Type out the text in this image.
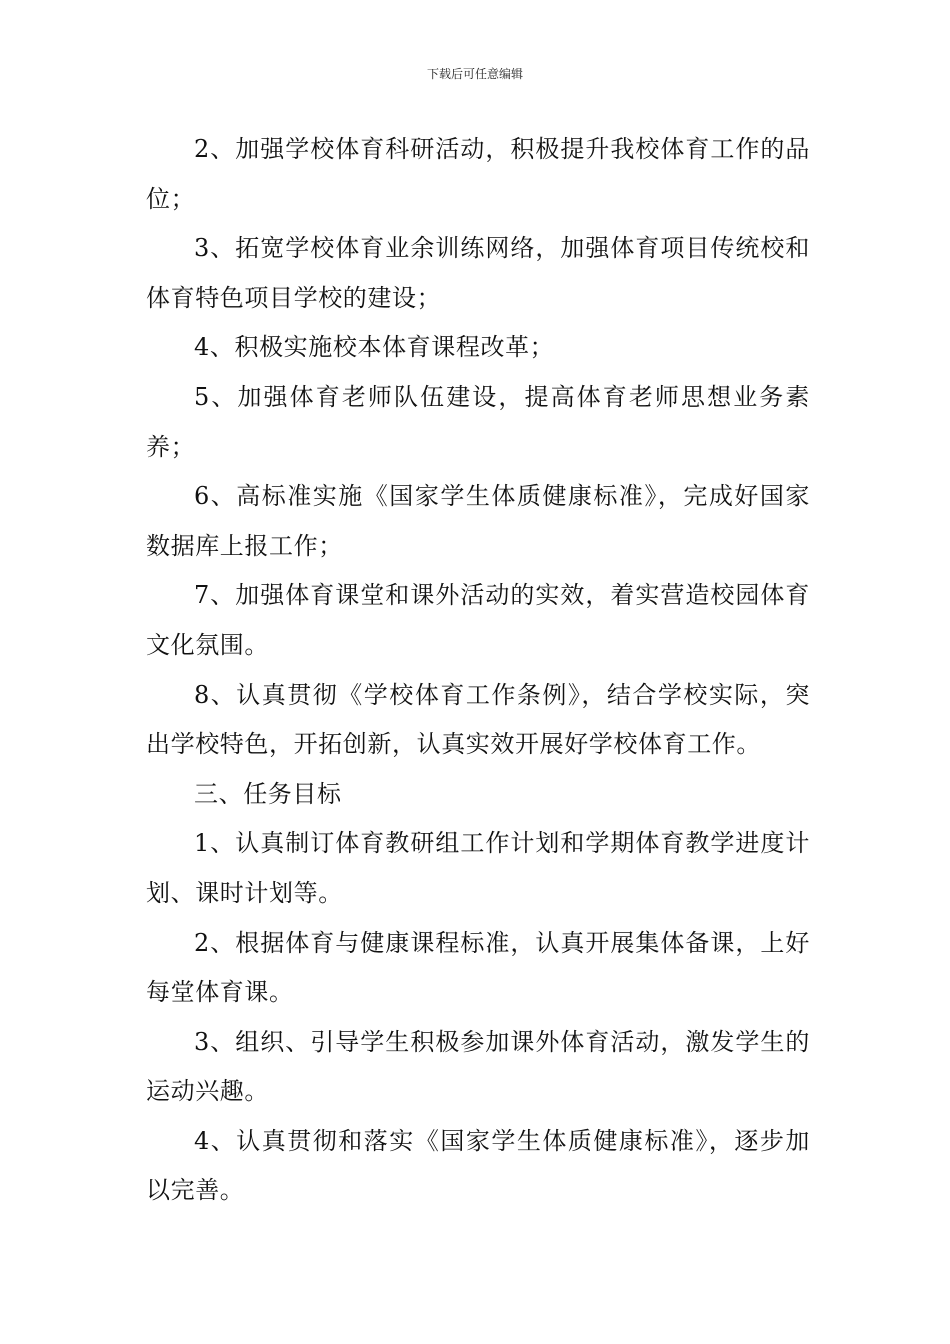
下载后可任意编辑

2、加强学校体育科研活动，积极提升我校体育工作的品位；

3、拓宽学校体育业余训练网络，加强体育项目传统校和体育特色项目学校的建设；

4、积极实施校本体育课程改革；

5、加强体育老师队伍建设，提高体育老师思想业务素养；

6、高标准实施《国家学生体质健康标准》，完成好国家数据库上报工作；

7、加强体育课堂和课外活动的实效，着实营造校园体育文化氛围。

8、认真贯彻《学校体育工作条例》，结合学校实际，突出学校特色，开拓创新，认真实效开展好学校体育工作。

三、任务目标

1、认真制订体育教研组工作计划和学期体育教学进度计划、课时计划等。

2、根据体育与健康课程标准，认真开展集体备课，上好每堂体育课。

3、组织、引导学生积极参加课外体育活动，激发学生的运动兴趣。

4、认真贯彻和落实《国家学生体质健康标准》，逐步加以完善。
